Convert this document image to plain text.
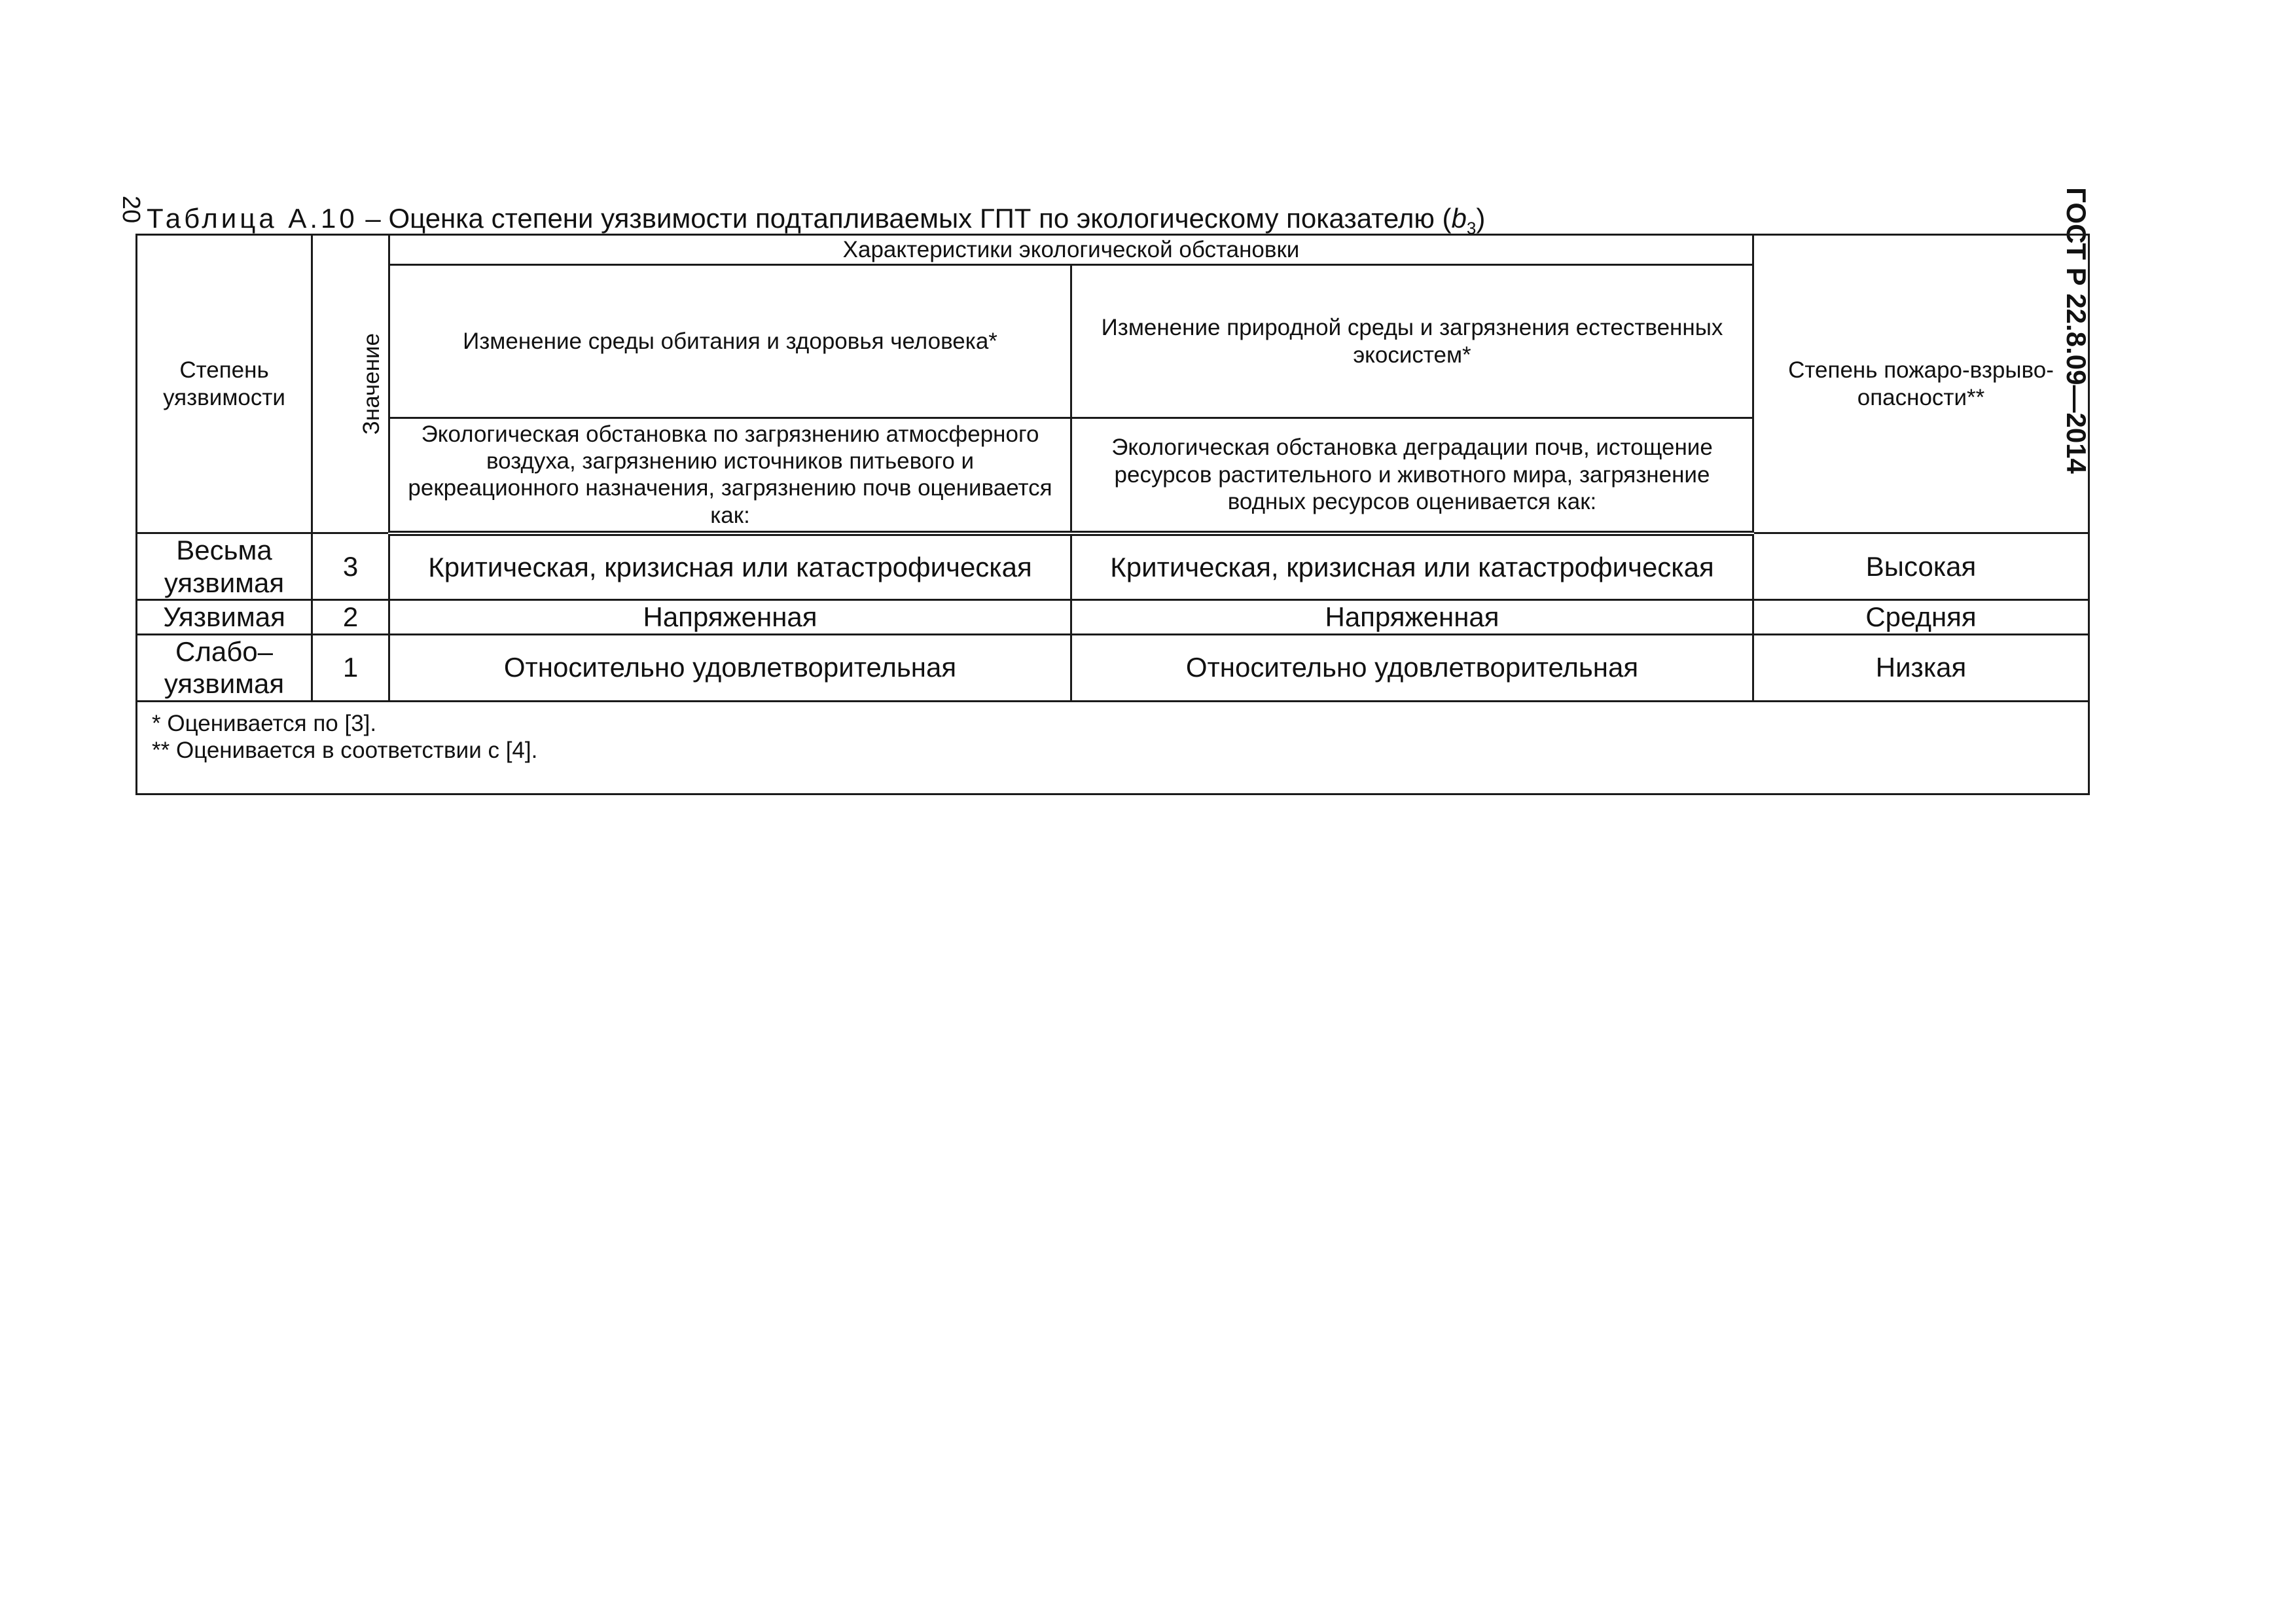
20	ГОСТ Р 22.8.09—2014
Таблица А.10 – Оценка степени уязвимости подтапливаемых ГПТ по экологическому показателю $(b_3)$
Степень уязвимости	Значение	Характеристики экологической обстановки		Степень пожаро-взрыво-опасности**
		Изменение среды обитания и здоровья человека*	Изменение природной среды и загрязнения естественных экосистем*	
		Экологическая обстановка по загрязнению атмосферного воздуха, загрязнению источников питьевого и рекреационного назначения, загрязнению почв оценивается как:	Экологическая обстановка деградации почв, истощение ресурсов растительного и животного мира, загрязнение водных ресурсов оценивается как:	
Весьма уязвимая	3	Критическая, кризисная или катастрофическая	Критическая, кризисная или катастрофическая	Высокая
Уязвимая	2	Напряженная	Напряженная	Средняя
Слабо–уязвимая	1	Относительно удовлетворительная	Относительно удовлетворительная	Низкая

* Оценивается по [3].
** Оценивается в соответствии с [4].				
